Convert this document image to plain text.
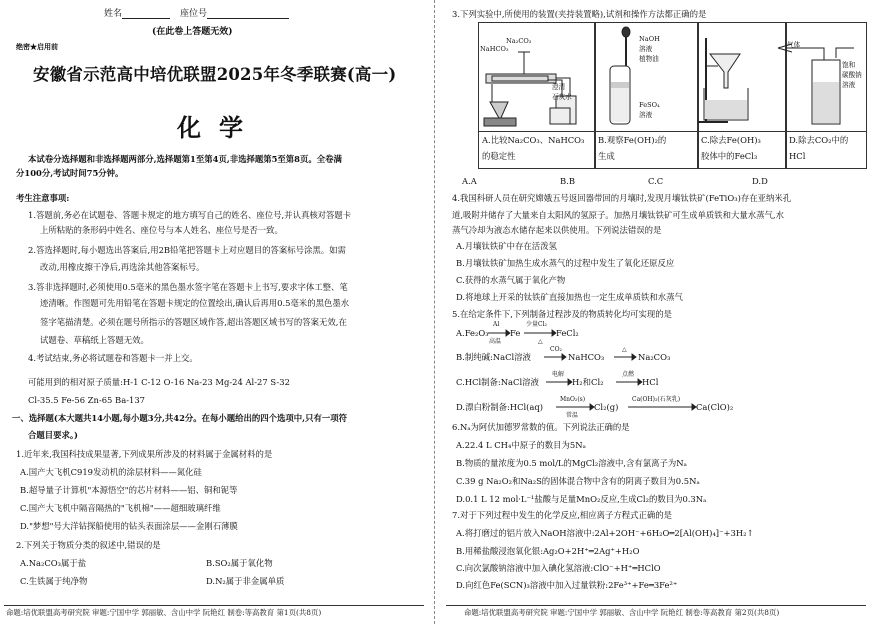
姓名	座位号
(在此卷上答题无效)
绝密★启用前
安徽省示范高中培优联盟2025年冬季联赛(高一)
化学
本试卷分选择题和非选择题两部分,选择题第1至第4页,非选择题第5至第8页。全卷满
分100分,考试时间75分钟。
考生注意事项:
1.答题前,务必在试题卷、答题卡规定的地方填写自己的姓名、座位号,并认真核对答题卡
上所粘贴的条形码中姓名、座位号与本人姓名、座位号是否一致。
2.答选择题时,每小题选出答案后,用2B铅笔把答题卡上对应题目的答案标号涂黑。如需
改动,用橡皮擦干净后,再选涂其他答案标号。
3.答非选择题时,必须使用0.5毫米的黑色墨水签字笔在答题卡上书写,要求字体工整、笔
迹清晰。作图题可先用铅笔在答题卡规定的位置绘出,确认后再用0.5毫米的黑色墨水
签字笔描清楚。必须在题号所指示的答题区域作答,超出答题区域书写的答案无效,在
试题卷、草稿纸上答题无效。
4.考试结束,务必将试题卷和答题卡一并上交。
可能用到的相对原子质量:H-1 C-12 O-16 Na-23 Mg-24 Al-27 S-32
Cl-35.5 Fe-56 Zn-65 Ba-137
一、选择题(本大题共14小题,每小题3分,共42分。在每小题给出的四个选项中,只有一项符
合题目要求。)
1.近年来,我国科技成果显著,下列成果所涉及的材料属于金属材料的是
A.国产大飞机C919发动机的涂层材料——氮化硅
B.超导量子计算机"本源悟空"的芯片材料——铝、铜和铌等
C.国产大飞机中隔音隔热的"飞机棉"——超细玻璃纤维
D."梦想"号大洋钻探船使用的钻头表面涂层——金刚石薄膜
2.下列关于物质分类的叙述中,错误的是
A.Na₂CO₃属于盐	B.SO₂属于氧化物
C.生铁属于纯净物	D.N₂属于非金属单质
命题:培优联盟高考研究院 审题:宁国中学 郭丽敏、含山中学 阮艳红 制卷:等高教育 第1页(共8页)
3.下列实验中,所使用的装置(夹持装置略),试剂和操作方法都正确的是
NaHCO₃
Na₂CO₃
澄清
石灰水
NaOH
溶液
植物油
FeSO₄
溶液
气体
饱和
碳酸钠
溶液
A.比较Na₂CO₃、NaHCO₃
的稳定性
B.观察Fe(OH)₂的
生成
C.除去Fe(OH)₃
胶体中的FeCl₃
D.除去CO₂中的
HCl
A.A	B.B	C.C	D.D
4.我国科研人员在研究嫦娥五号返回器带回的月壤时,发现月壤钛铁矿(FeTiO₃)存在亚纳米孔
道,吸附并储存了大量来自太阳风的氢原子。加热月壤钛铁矿可生成单质铁和大量水蒸气,水
蒸气冷却为液态水储存起来以供使用。下列说法错误的是
A.月壤钛铁矿中存在活泼氢
B.月壤钛铁矿加热生成水蒸气的过程中发生了氧化还原反应
C.获得的水蒸气属于氧化产物
D.将地球上开采的钛铁矿直接加热也一定生成单质铁和水蒸气
5.在给定条件下,下列制备过程涉及的物质转化均可实现的是
A.Fe₂O₃
Al
高温
Fe
少量Cl₂
△
FeCl₂
B.制纯碱:NaCl溶液
CO₂
NaHCO₃
△
Na₂CO₃
C.HCl制备:NaCl溶液
电解
H₂和Cl₂
点燃
HCl
D.漂白粉制备:HCl(aq)
MnO₂(s)
常温
Cl₂(g)
Ca(OH)₂(石灰乳)
Ca(ClO)₂
6.Nₐ为阿伏加德罗常数的值。下列说法正确的是
A.22.4 L CH₄中原子的数目为5Nₐ
B.物质的量浓度为0.5 mol/L的MgCl₂溶液中,含有氯离子为Nₐ
C.39 g Na₂O₂和Na₂S的固体混合物中含有的阴离子数目为0.5Nₐ
D.0.1 L 12 mol·L⁻¹盐酸与足量MnO₂反应,生成Cl₂的数目为0.3Nₐ
7.对于下列过程中发生的化学反应,相应离子方程式正确的是
A.将打磨过的铝片放入NaOH溶液中:2Al+2OH⁻+6H₂O═2[Al(OH)₄]⁻+3H₂↑
B.用稀盐酸浸泡氧化银:Ag₂O+2H⁺═2Ag⁺+H₂O
C.向次氯酸钠溶液中加入碘化氢溶液:ClO⁻+H⁺═HClO
D.向红色Fe(SCN)₃溶液中加入过量铁粉:2Fe³⁺+Fe═3Fe²⁺
命题:培优联盟高考研究院 审题:宁国中学 郭丽敏、含山中学 阮艳红 制卷:等高教育 第2页(共8页)
